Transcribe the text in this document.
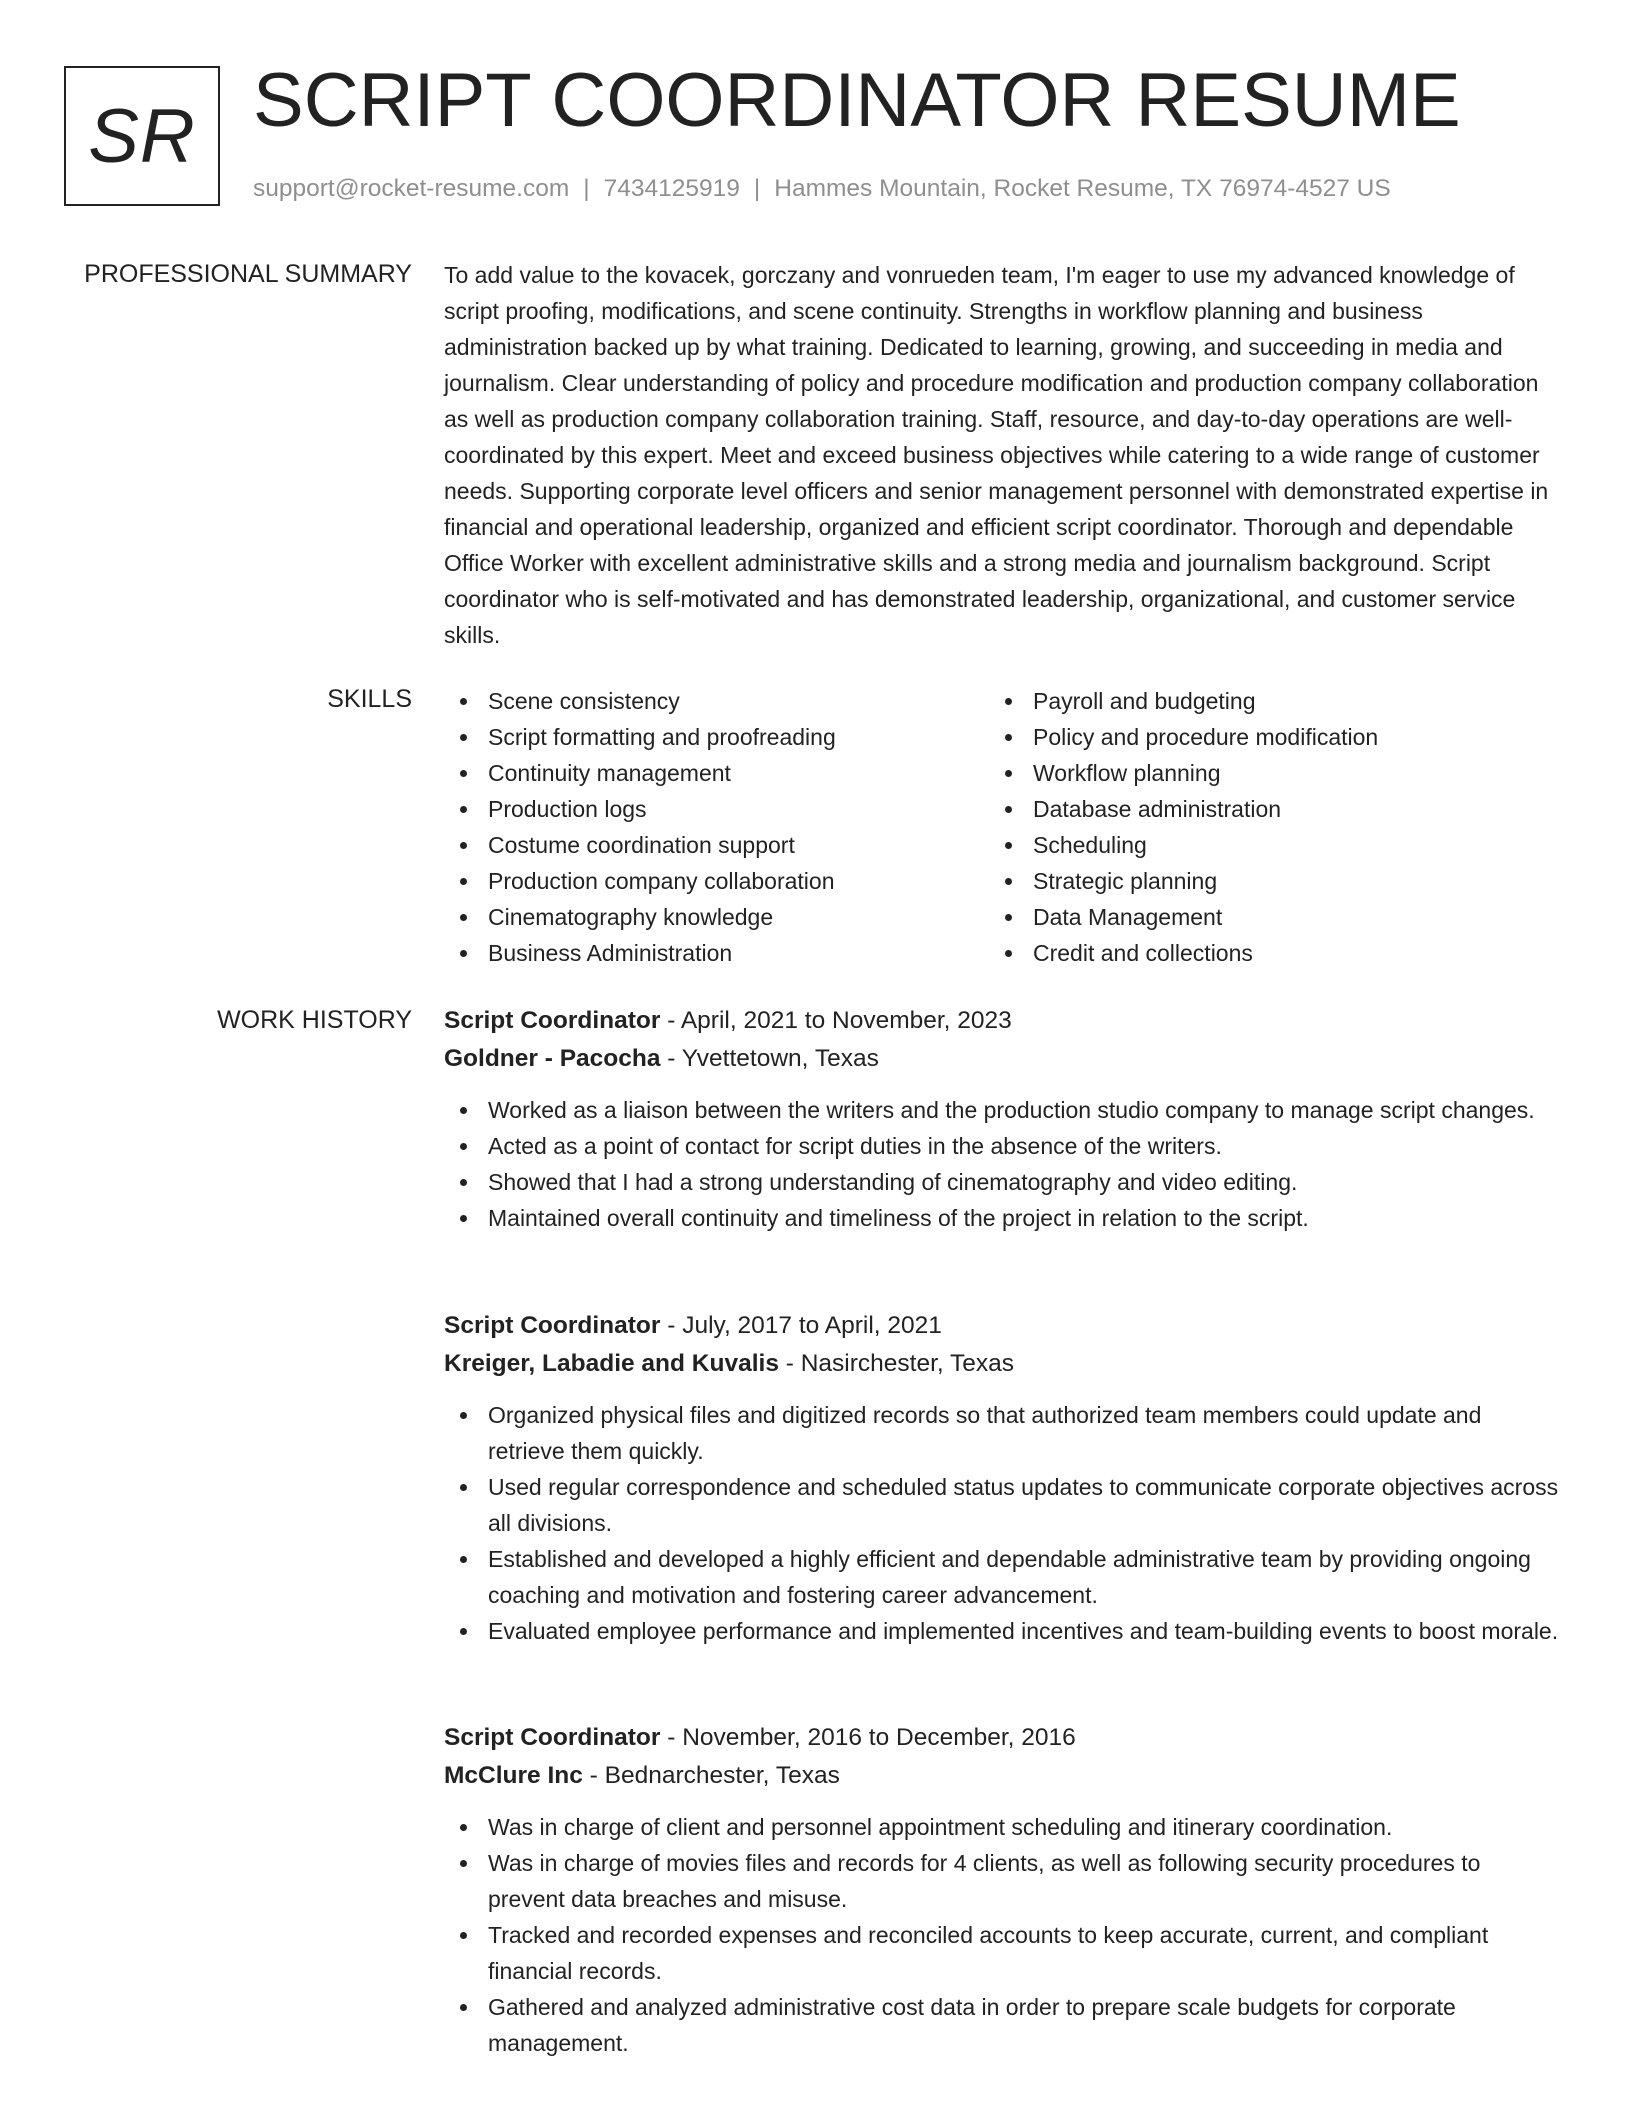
SR SCRIPT COORDINATOR RESUME
support@rocket-resume.com | 7434125919 | Hammes Mountain, Rocket Resume, TX 76974-4527 US
PROFESSIONAL SUMMARY To add value to the kovacek, gorczany and vonrueden team, I'm eager to use my advanced knowledge of script proofing, modifications, and scene continuity. Strengths in workflow planning and business administration backed up by what training. Dedicated to learning, growing, and succeeding in media and journalism. Clear understanding of policy and procedure modification and production company collaboration as well as production company collaboration training. Staff, resource, and day-to-day operations are well-coordinated by this expert. Meet and exceed business objectives while catering to a wide range of customer needs. Supporting corporate level officers and senior management personnel with demonstrated expertise in financial and operational leadership, organized and efficient script coordinator. Thorough and dependable Office Worker with excellent administrative skills and a strong media and journalism background. Script coordinator who is self-motivated and has demonstrated leadership, organizational, and customer service skills.
SKILLS	Scene consistency
Script formatting and proofreading
Continuity management
Production logs
Costume coordination support
Production company collaboration
Cinematography knowledge
Business Administration
Payroll and budgeting
Policy and procedure modification
Workflow planning
Database administration
Scheduling
Strategic planning
Data Management
Credit and collections
WORK HISTORY Script Coordinator - April, 2021 to November, 2023
Goldner - Pacocha - Yvettetown, Texas
Worked as a liaison between the writers and the production studio company to manage script changes.
Acted as a point of contact for script duties in the absence of the writers.
Showed that I had a strong understanding of cinematography and video editing.
Maintained overall continuity and timeliness of the project in relation to the script.
Script Coordinator - July, 2017 to April, 2021
Kreiger, Labadie and Kuvalis - Nasirchester, Texas
Organized physical files and digitized records so that authorized team members could update and retrieve them quickly.
Used regular correspondence and scheduled status updates to communicate corporate objectives across all divisions.
Established and developed a highly efficient and dependable administrative team by providing ongoing coaching and motivation and fostering career advancement.
Evaluated employee performance and implemented incentives and team-building events to boost morale.
Script Coordinator - November, 2016 to December, 2016
McClure Inc - Bednarchester, Texas
Was in charge of client and personnel appointment scheduling and itinerary coordination.
Was in charge of movies files and records for 4 clients, as well as following security procedures to prevent data breaches and misuse.
Tracked and recorded expenses and reconciled accounts to keep accurate, current, and compliant financial records.
Gathered and analyzed administrative cost data in order to prepare scale budgets for corporate management.
